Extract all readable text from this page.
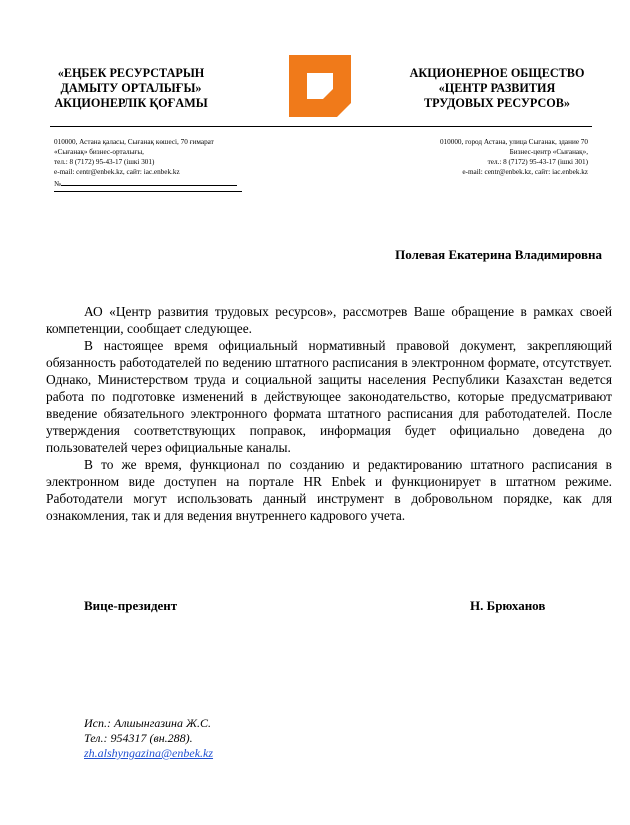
«ЕҢБЕК РЕСУРСТАРЫН
ДАМЫТУ ОРТАЛЫҒЫ»
АКЦИОНЕРЛІК ҚОҒАМЫ
АКЦИОНЕРНОЕ ОБЩЕСТВО
«ЦЕНТР РАЗВИТИЯ
ТРУДОВЫХ РЕСУРСОВ»
010000, Астана қаласы, Сығанақ көшесі, 70 ғимарат
«Сығанақ» бизнес-орталығы,
тел.: 8 (7172) 95-43-17 (ішкі 301)
e-mail: centr@enbek.kz, сайт: iac.enbek.kz
№
010000, город Астана, улица Сыганак, здание 70
Бизнес-центр «Сығанақ»,
тел.: 8 (7172) 95-43-17 (ішкі 301)
e-mail: centr@enbek.kz, сайт: iac.enbek.kz
Полевая Екатерина Владимировна

АО «Центр развития трудовых ресурсов», рассмотрев Ваше обращение в рамках своей компетенции, сообщает следующее.

В настоящее время официальный нормативный правовой документ, закрепляющий обязанность работодателей по ведению штатного расписания в электронном формате, отсутствует. Однако, Министерством труда и социальной защиты населения Республики Казахстан ведется работа по подготовке изменений в действующее законодательство, которые предусматривают введение обязательного электронного формата штатного расписания для работодателей. После утверждения соответствующих поправок, информация будет официально доведена до пользователей через официальные каналы.

В то же время, функционал по созданию и редактированию штатного расписания в электронном виде доступен на портале HR Enbek и функционирует в штатном режиме. Работодатели могут использовать данный инструмент в добровольном порядке, как для ознакомления, так и для ведения внутреннего кадрового учета.

Вице-президент	Н. Брюханов
Исп.: Алшынгазина Ж.С.
Тел.: 954317 (вн.288).
zh.alshyngazina@enbek.kz
